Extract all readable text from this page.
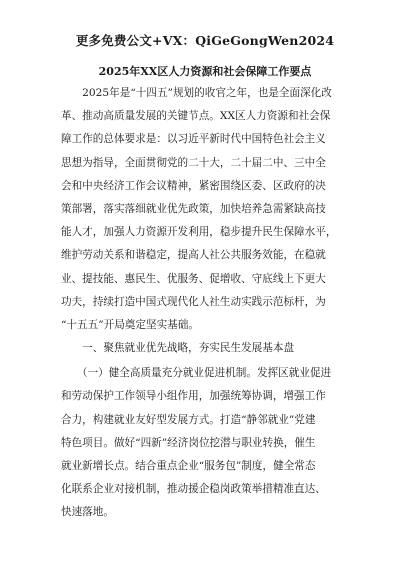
更多免费公文+VX：QiGeGongWen2024
2025年XX区人力资源和社会保障工作要点
　　2025年是“十四五”规划的收官之年，也是全面深化改
革、推动高质量发展的关键节点。XX区人力资源和社会保
障工作的总体要求是：以习近平新时代中国特色社会主义
思想为指导，全面贯彻党的二十大，二十届二中、三中全
会和中央经济工作会议精神，紧密围绕区委、区政府的决
策部署，落实落细就业优先政策，加快培养急需紧缺高技
能人才，加强人力资源开发利用，稳步提升民生保障水平，
维护劳动关系和谐稳定，提高人社公共服务效能，在稳就
业、提技能、惠民生、优服务、促增收、守底线上下更大
功夫，持续打造中国式现代化人社生动实践示范标杆，为
“十五五”开局奠定坚实基础。
　　一、聚焦就业优先战略，夯实民生发展基本盘
　　（一）健全高质量充分就业促进机制。发挥区就业促进
和劳动保护工作领导小组作用，加强统筹协调，增强工作
合力，构建就业友好型发展方式。打造“静邻就业”党建
特色项目。做好“四新”经济岗位挖潜与职业转换，催生
就业新增长点。结合重点企业“服务包”制度，健全常态
化联系企业对接机制，推动援企稳岗政策举措精准直达、
快速落地。
